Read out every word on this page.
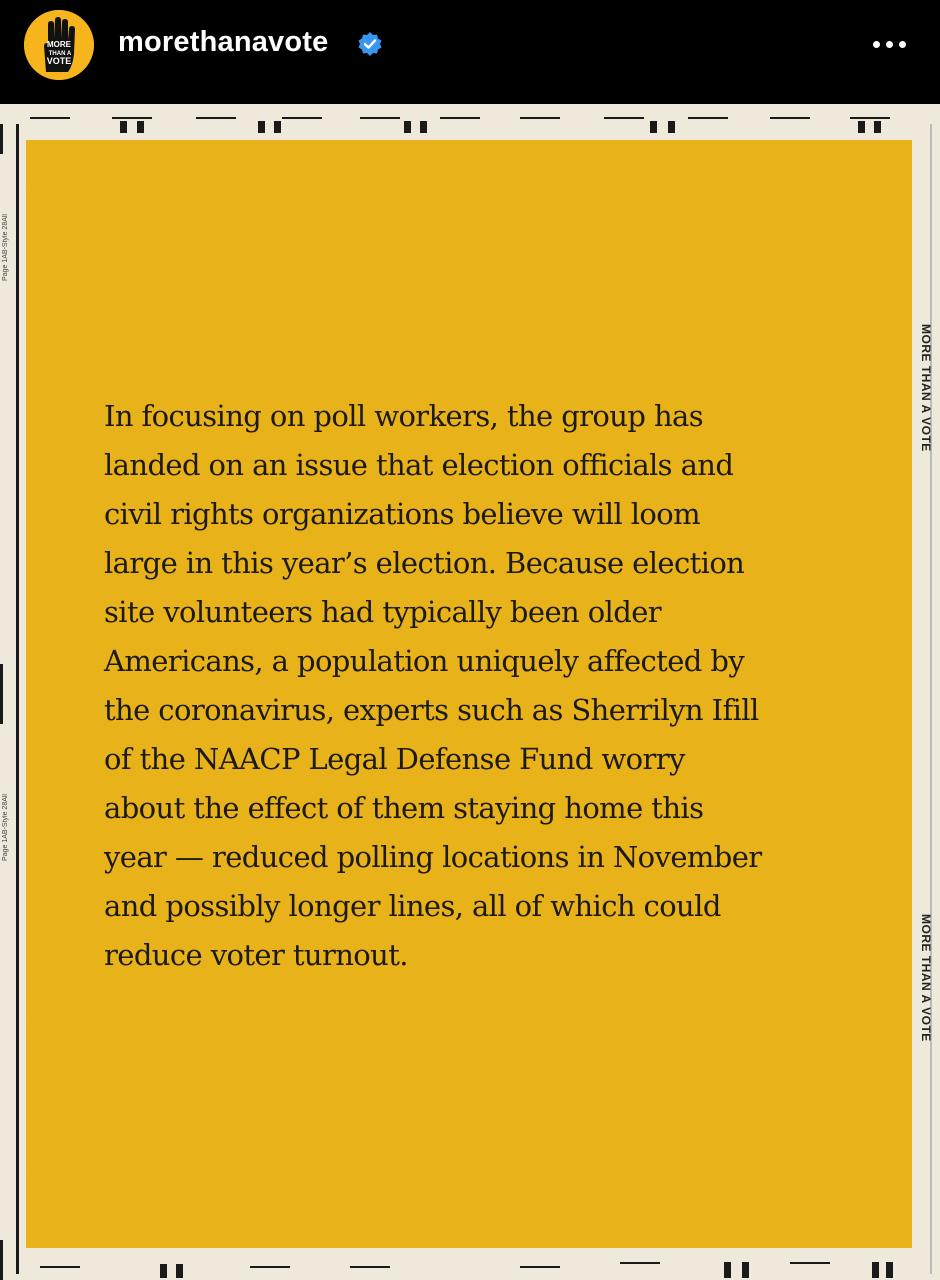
MORE
THAN A
VOTE
morethanavote
Page 1AB-Style 28All
Page 1AB-Style 28All
MORE THAN A VOTE
MORE THAN A VOTE

In focusing on poll workers, the group has
landed on an issue that election officials and
civil rights organizations believe will loom
large in this year’s election. Because election
site volunteers had typically been older
Americans, a population uniquely affected by
the coronavirus, experts such as Sherrilyn Ifill
of the NAACP Legal Defense Fund worry
about the effect of them staying home this
year — reduced polling locations in November
and possibly longer lines, all of which could
reduce voter turnout.
